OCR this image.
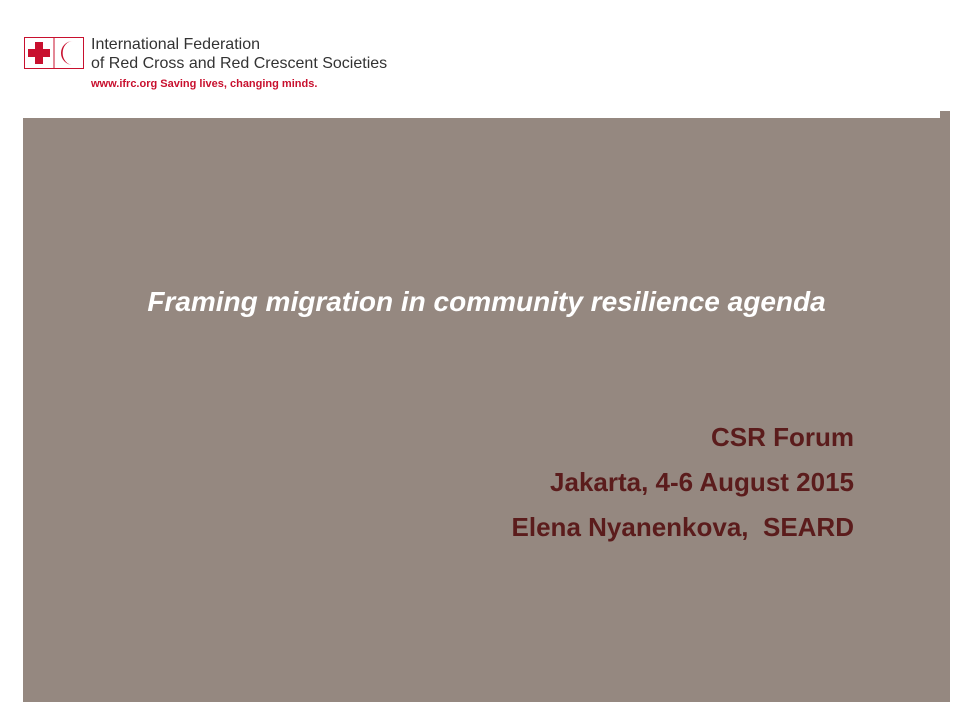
International Federation
of Red Cross and Red Crescent Societies
www.ifrc.org Saving lives, changing minds.
Framing migration in community resilience agenda
CSR Forum
Jakarta, 4-6 August 2015
Elena Nyanenkova,  SEARD
